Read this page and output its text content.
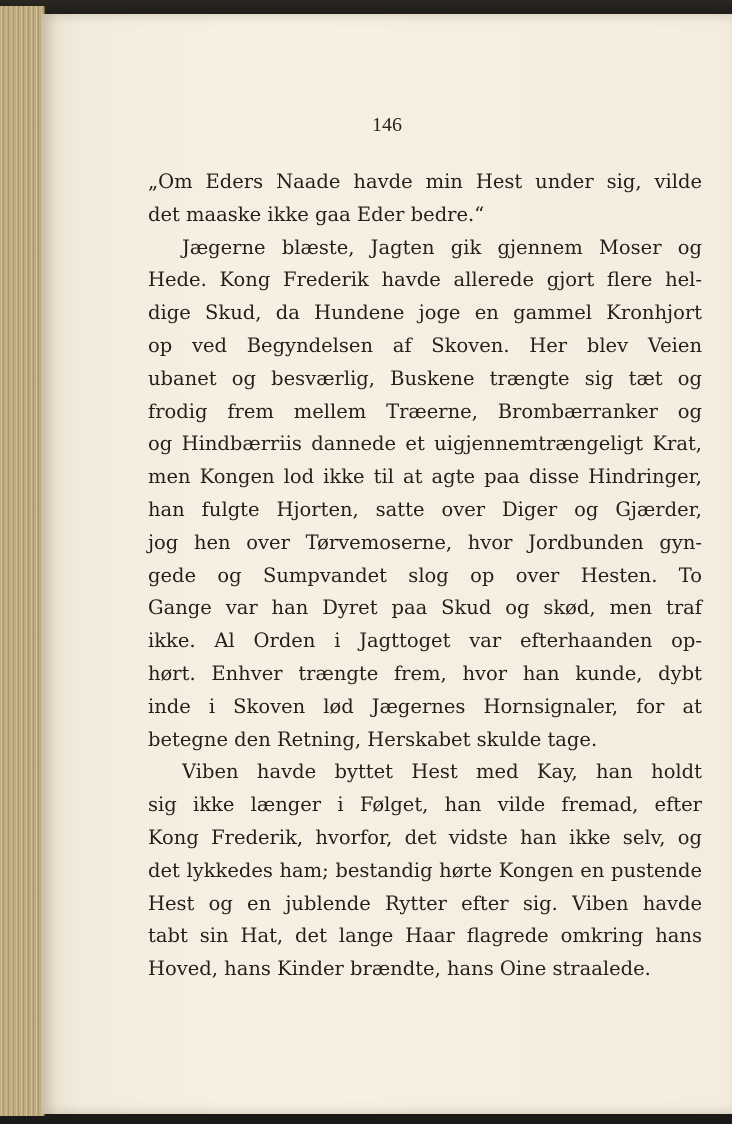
146
„Om Eders Naade havde min Hest under sig, vilde
det maaske ikke gaa Eder bedre.“
Jægerne blæste, Jagten gik gjennem Moser og
Hede. Kong Frederik havde allerede gjort flere hel-
dige Skud, da Hundene joge en gammel Kronhjort
op ved Begyndelsen af Skoven. Her blev Veien
ubanet og besværlig, Buskene trængte sig tæt og
frodig frem mellem Træerne, Brombærranker og
og Hindbærriis dannede et uigjennemtrængeligt Krat,
men Kongen lod ikke til at agte paa disse Hindringer,
han fulgte Hjorten, satte over Diger og Gjærder,
jog hen over Tørvemoserne, hvor Jordbunden gyn-
gede og Sumpvandet slog op over Hesten. To
Gange var han Dyret paa Skud og skød, men traf
ikke. Al Orden i Jagttoget var efterhaanden op-
hørt. Enhver trængte frem, hvor han kunde, dybt
inde i Skoven lød Jægernes Hornsignaler, for at
betegne den Retning, Herskabet skulde tage.
Viben havde byttet Hest med Kay, han holdt
sig ikke længer i Følget, han vilde fremad, efter
Kong Frederik, hvorfor, det vidste han ikke selv, og
det lykkedes ham; bestandig hørte Kongen en pustende
Hest og en jublende Rytter efter sig. Viben havde
tabt sin Hat, det lange Haar flagrede omkring hans
Hoved, hans Kinder brændte, hans Oine straalede.
